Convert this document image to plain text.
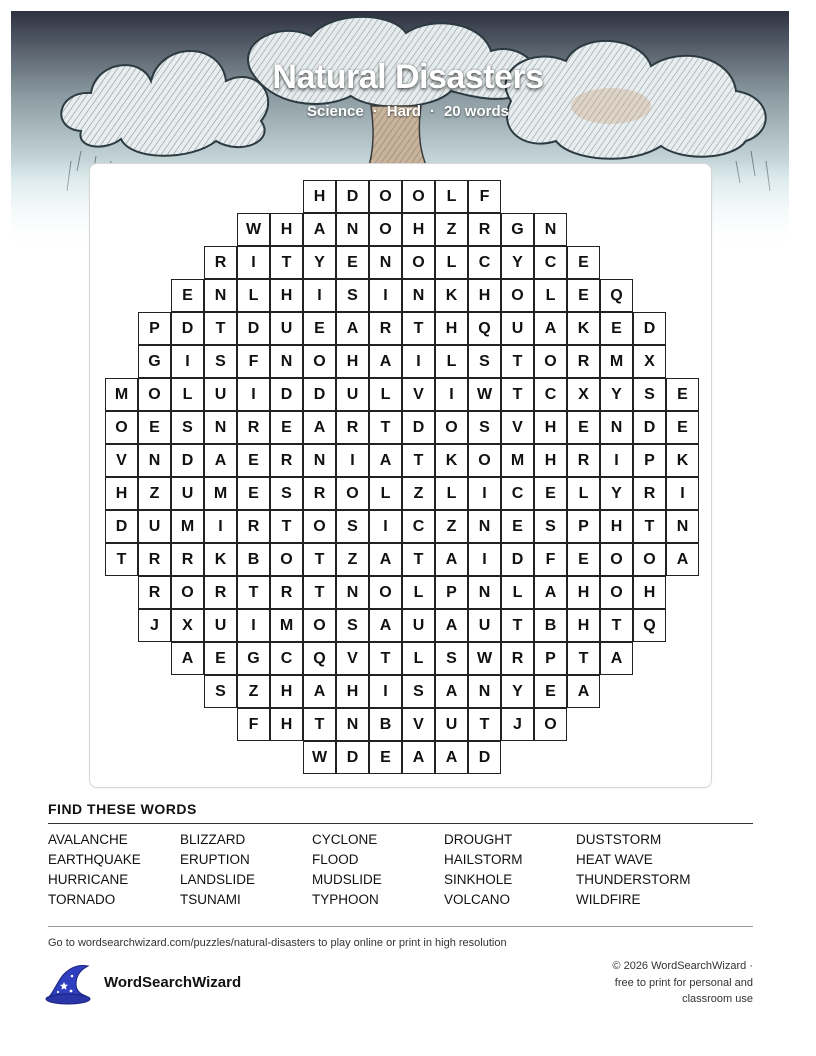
Natural Disasters
Science · Hard · 20 words
H	D	O	O	L	F
W	H	A	N	O	H	Z	R	G	N
R	I	T	Y	E	N	O	L	C	Y	C	E
E	N	L	H	I	S	I	N	K	H	O	L	E	Q
P	D	T	D	U	E	A	R	T	H	Q	U	A	K	E	D
G	I	S	F	N	O	H	A	I	L	S	T	O	R	M	X
M	O	L	U	I	D	D	U	L	V	I	W	T	C	X	Y	S	E
O	E	S	N	R	E	A	R	T	D	O	S	V	H	E	N	D	E
V	N	D	A	E	R	N	I	A	T	K	O	M	H	R	I	P	K
H	Z	U	M	E	S	R	O	L	Z	L	I	C	E	L	Y	R	I
D	U	M	I	R	T	O	S	I	C	Z	N	E	S	P	H	T	N
T	R	R	K	B	O	T	Z	A	T	A	I	D	F	E	O	O	A
R	O	R	T	R	T	N	O	L	P	N	L	A	H	O	H
J	X	U	I	M	O	S	A	U	A	U	T	B	H	T	Q
A	E	G	C	Q	V	T	L	S	W	R	P	T	A
S	Z	H	A	H	I	S	A	N	Y	E	A
F	H	T	N	B	V	U	T	J	O
W	D	E	A	A	D
FIND THESE WORDS
AVALANCHE	BLIZZARD	CYCLONE	DROUGHT	DUSTSTORM
EARTHQUAKE	ERUPTION	FLOOD	HAILSTORM	HEAT WAVE
HURRICANE	LANDSLIDE	MUDSLIDE	SINKHOLE	THUNDERSTORM
TORNADO	TSUNAMI	TYPHOON	VOLCANO	WILDFIRE
Go to wordsearchwizard.com/puzzles/natural-disasters to play online or print in high resolution
WordSearchWizard
© 2026 WordSearchWizard ·
free to print for personal and
classroom use
